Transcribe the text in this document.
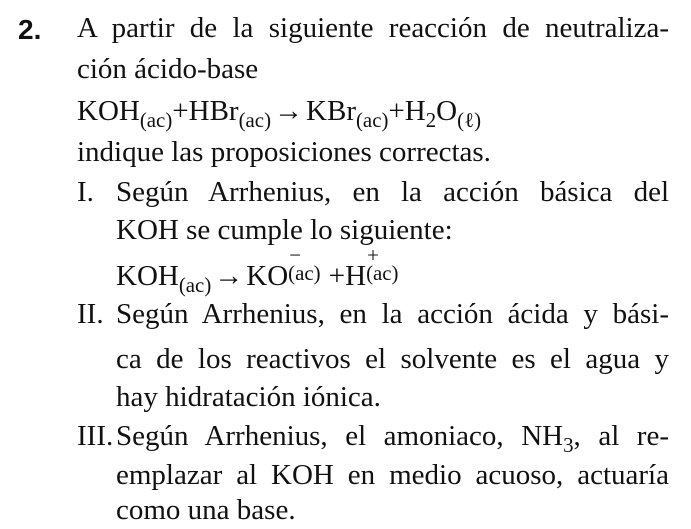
2. A partir de la siguiente reacción de neutraliza-
ción ácido-base
$KOH_{(ac)}+HBr_{(ac)} \to KBr_{(ac)}+H_2O_{(\ell)}$
indique las proposiciones correctas.
I. Según Arrhenius, en la acción básica del
KOH se cumple lo siguiente:
$KOH_{(ac)}$ → KO
−
(ac) +H
+
(ac)
II. Según Arrhenius, en la acción ácida y bási-
ca de los reactivos el solvente es el agua y
hay hidratación iónica.
III. Según Arrhenius, el amoniaco, $NH_3$, al re-
emplazar al KOH en medio acuoso, actuaría
como una base.
